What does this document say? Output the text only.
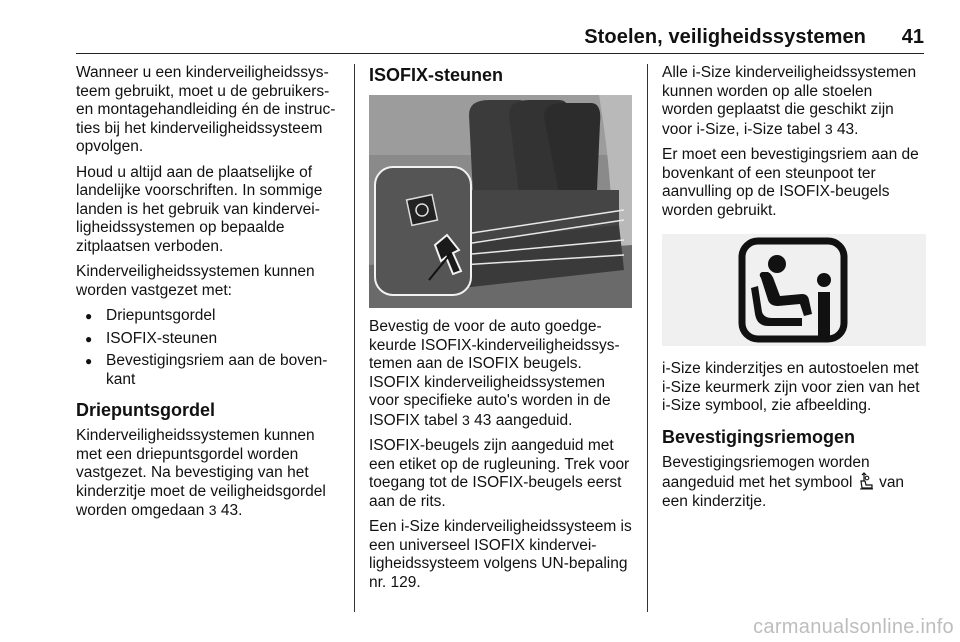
Stoelen, veiligheidssystemen 41

Wanneer u een kinderveiligheidssysteem gebruikt, moet u de gebruikersen montagehandleiding én de instructies bij het kinderveiligheidssysteem opvolgen.

Houd u altijd aan de plaatselijke of landelijke voorschriften. In sommige landen is het gebruik van kinderveiligheidssystemen op bepaalde zitplaatsen verboden.

Kinderveiligheidssystemen kunnen worden vastgezet met:

● Driepuntsgordel
● ISOFIX-steunen
● Bevestigingsriem aan de bovenkant
Driepuntsgordel

Kinderveiligheidssystemen kunnen met een driepuntsgordel worden vastgezet. Na bevestiging van het kinderzitje moet de veiligheidsgordel worden omgedaan 3 43.

ISOFIX-steunen

Bevestig de voor de auto goedgekeurde ISOFIX-kinderveiligheidssystemen aan de ISOFIX beugels. ISOFIX kinderveiligheidssystemen voor specifieke auto's worden in de ISOFIX tabel 3 43 aangeduid.

ISOFIX-beugels zijn aangeduid met een etiket op de rugleuning. Trek voor toegang tot de ISOFIX-beugels eerst aan de rits.

Een i-Size kinderveiligheidssysteem is een universeel ISOFIX kinderveiligheidssysteem volgens UN-bepaling nr. 129.

Alle i-Size kinderveiligheidssystemen kunnen worden op alle stoelen worden geplaatst die geschikt zijn voor i-Size, i-Size tabel 3 43.

Er moet een bevestigingsriem aan de bovenkant of een steunpoot ter aanvulling op de ISOFIX-beugels worden gebruikt.

i-Size kinderzitjes en autostoelen met i-Size keurmerk zijn voor zien van het i-Size symbool, zie afbeelding.

Bevestigingsriemogen

Bevestigingsriemogen worden aangeduid met het symbool van een kinderzitje.

carmanualsonline.info
